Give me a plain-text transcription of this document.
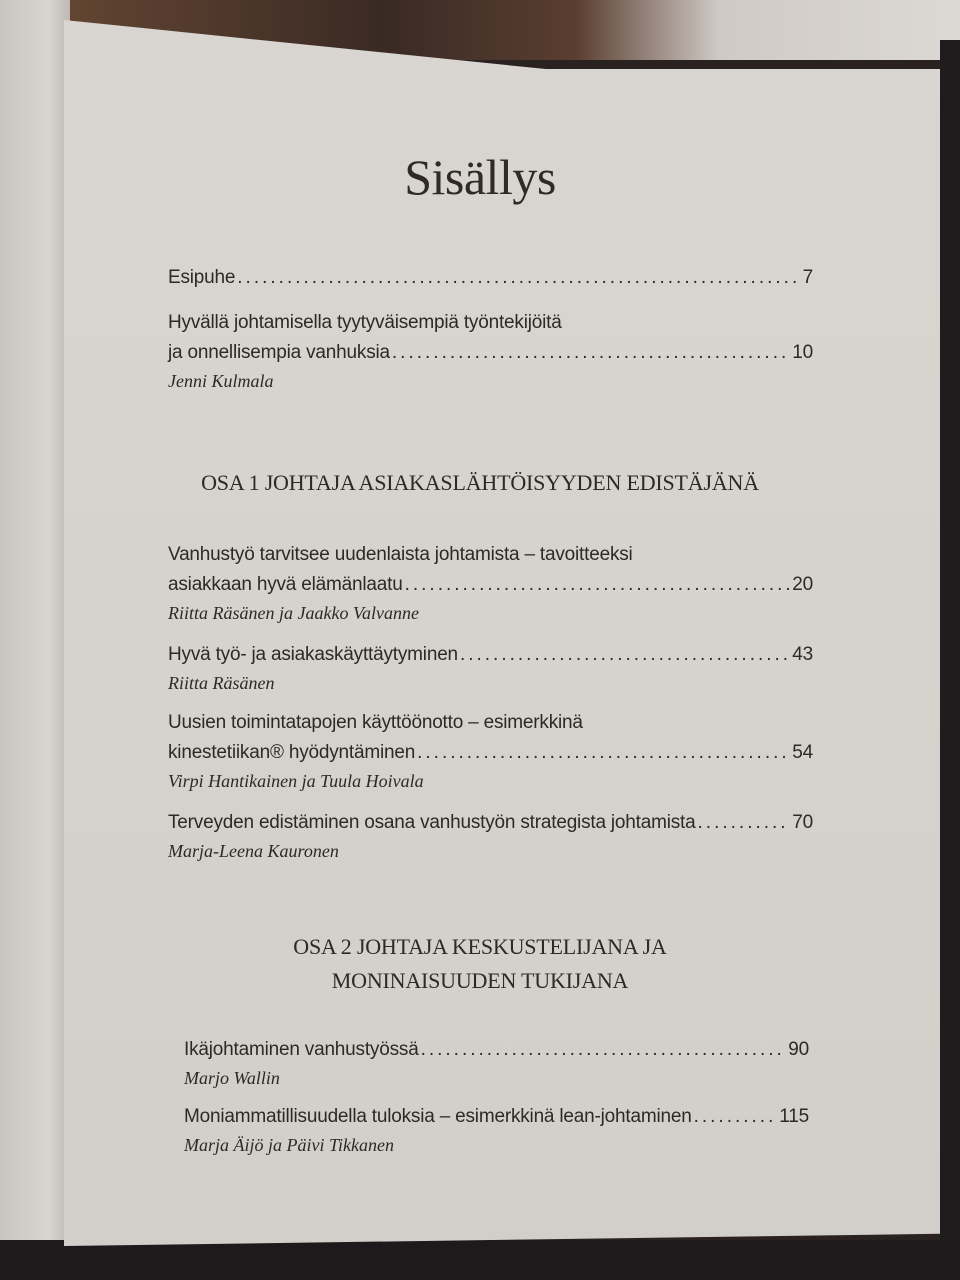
Sisällys
Esipuhe .....	7
Hyvällä johtamisella tyytyväisempiä työntekijöitä
ja onnellisempia vanhuksia .....	10
Jenni Kulmala
OSA 1 JOHTAJA ASIAKASLÄHTÖISYYDEN EDISTÄJÄNÄ
Vanhustyö tarvitsee uudenlaista johtamista – tavoitteeksi
asiakkaan hyvä elämänlaatu .....	20
Riitta Räsänen ja Jaakko Valvanne
Hyvä työ- ja asiakaskäyttäytyminen .....	43
Riitta Räsänen
Uusien toimintatapojen käyttöönotto – esimerkkinä
kinestetiikan® hyödyntäminen .....	54
Virpi Hantikainen ja Tuula Hoivala
Terveyden edistäminen osana vanhustyön strategista johtamista .....	70
Marja-Leena Kauronen
OSA 2 JOHTAJA KESKUSTELIJANA JA
MONINAISUUDEN TUKIJANA
Ikäjohtaminen vanhustyössä .....	90
Marjo Wallin
Moniammatillisuudella tuloksia – esimerkkinä lean-johtaminen .....	115
Marja Äijö ja Päivi Tikkanen
